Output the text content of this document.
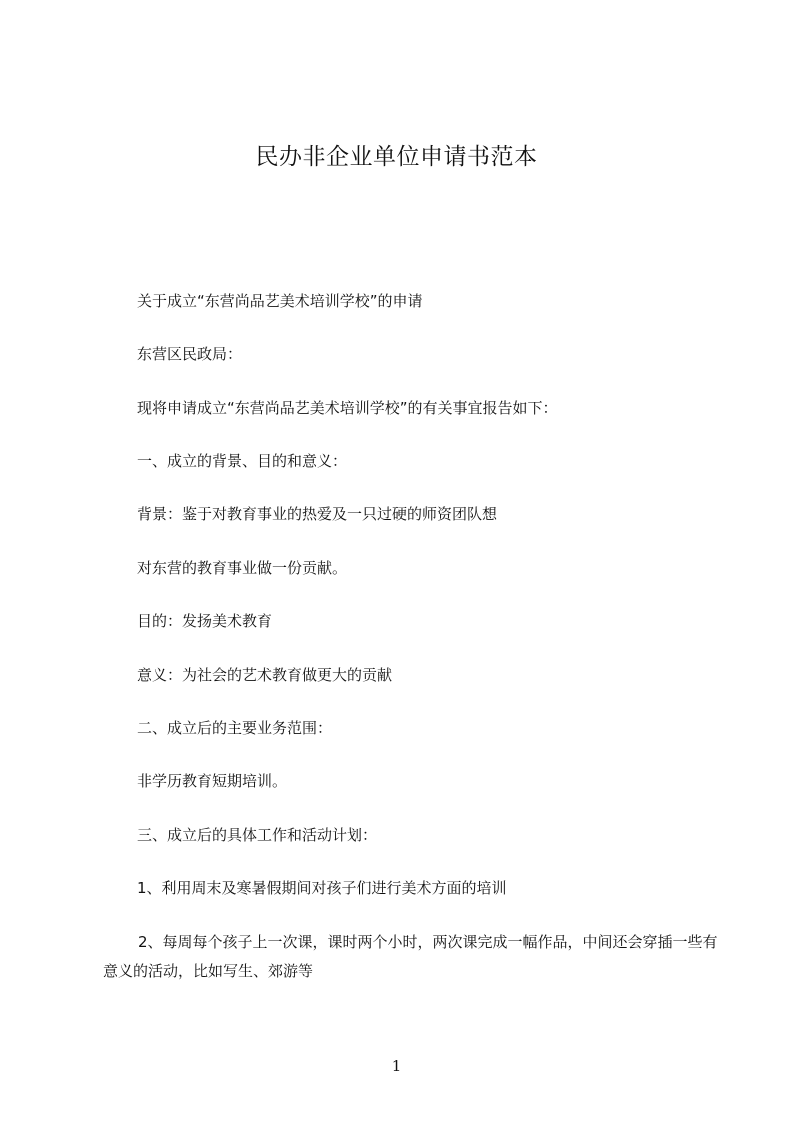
民办非企业单位申请书范本

关于成立“东营尚品艺美术培训学校”的申请

东营区民政局：

现将申请成立“东营尚品艺美术培训学校”的有关事宜报告如下：

一、成立的背景、目的和意义：

背景：鉴于对教育事业的热爱及一只过硬的师资团队想

对东营的教育事业做一份贡献。

目的：发扬美术教育

意义：为社会的艺术教育做更大的贡献

二、成立后的主要业务范围：

非学历教育短期培训。

三、成立后的具体工作和活动计划：

1、利用周末及寒暑假期间对孩子们进行美术方面的培训

2、每周每个孩子上一次课，课时两个小时，两次课完成一幅作品，中间还会穿插一些有意义的活动，比如写生、郊游等

1
